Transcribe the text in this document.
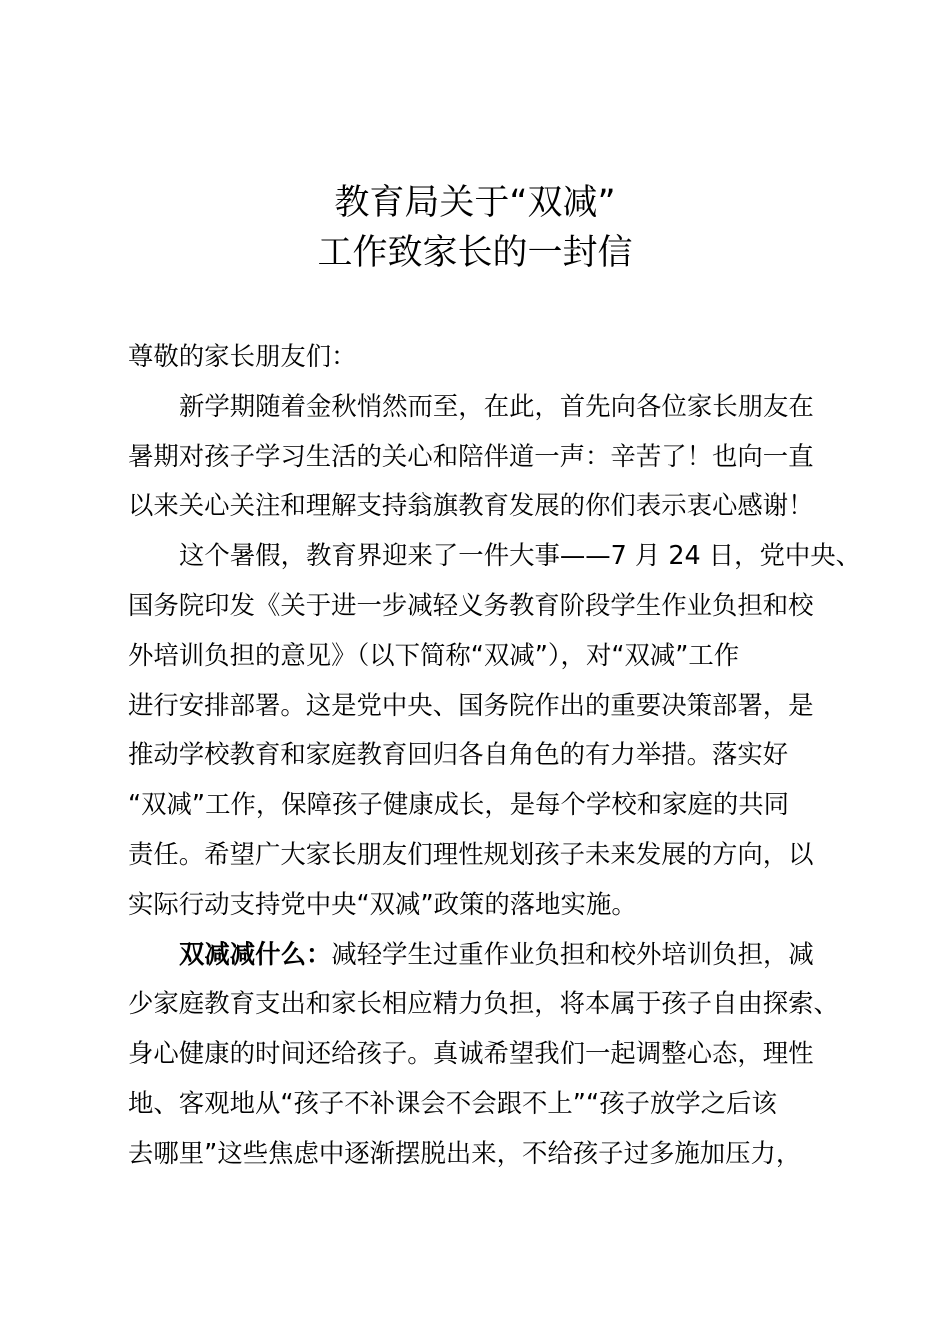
教育局关于“双减”
工作致家长的一封信
尊敬的家长朋友们：
新学期随着金秋悄然而至，在此，首先向各位家长朋友在
暑期对孩子学习生活的关心和陪伴道一声：辛苦了！也向一直
以来关心关注和理解支持翁旗教育发展的你们表示衷心感谢！
这个暑假，教育界迎来了一件大事——7 月 24 日，党中央、
国务院印发《关于进一步减轻义务教育阶段学生作业负担和校
外培训负担的意见》（以下简称“双减”），对“双减”工作
进行安排部署。这是党中央、国务院作出的重要决策部署，是
推动学校教育和家庭教育回归各自角色的有力举措。落实好
“双减”工作，保障孩子健康成长，是每个学校和家庭的共同
责任。希望广大家长朋友们理性规划孩子未来发展的方向，以
实际行动支持党中央“双减”政策的落地实施。
双减减什么：减轻学生过重作业负担和校外培训负担，减
少家庭教育支出和家长相应精力负担，将本属于孩子自由探索、
身心健康的时间还给孩子。真诚希望我们一起调整心态，理性
地、客观地从“孩子不补课会不会跟不上”“孩子放学之后该
去哪里”这些焦虑中逐渐摆脱出来，不给孩子过多施加压力，
